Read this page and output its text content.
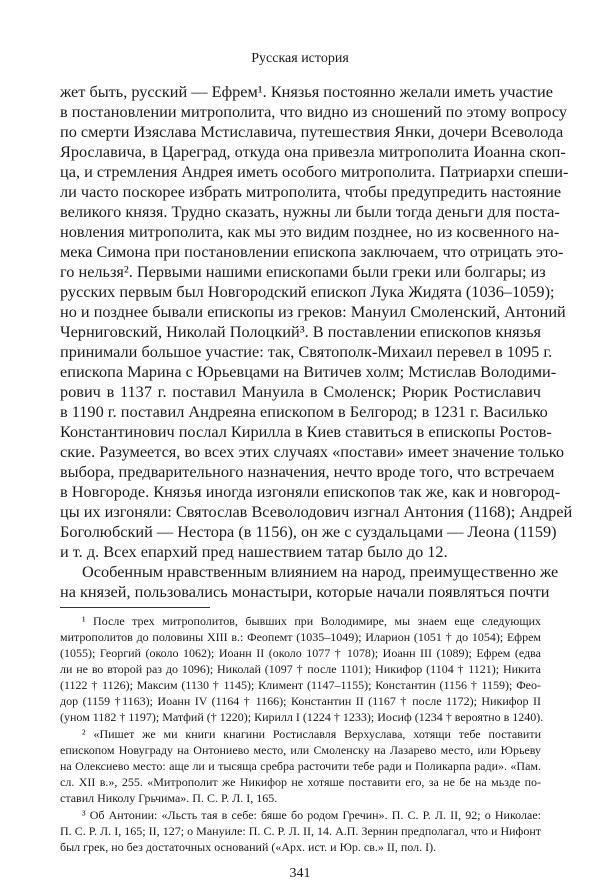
Русская история
жет быть, русский — Ефрем¹. Князья постоянно желали иметь участие
в постановлении митрополита, что видно из сношений по этому вопросу
по смерти Изяслава Мстиславича, путешествия Янки, дочери Всеволода
Ярославича, в Цареград, откуда она привезла митрополита Иоанна скоп-
ца, и стремления Андрея иметь особого митрополита. Патриархи спеши-
ли часто поскорее избрать митрополита, чтобы предупредить настояние
великого князя. Трудно сказать, нужны ли были тогда деньги для поста-
новления митрополита, как мы это видим позднее, но из косвенного на-
мека Симона при постановлении епископа заключаем, что отрицать это-
го нельзя². Первыми нашими епископами были греки или болгары; из
русских первым был Новгородский епископ Лука Жидята (1036–1059);
но и позднее бывали епископы из греков: Мануил Смоленский, Антоний
Черниговский, Николай Полоцкий³. В поставлении епископов князья
принимали большое участие: так, Святополк-Михаил перевел в 1095 г.
епископа Марина с Юрьевцами на Витичев холм; Мстислав Володими-
рович в 1137 г. поставил Мануила в Смоленск; Рюрик Ростиславич
в 1190 г. поставил Андреяна епископом в Белгород; в 1231 г. Василько
Константинович послал Кирилла в Киев ставиться в епископы Ростов-
ские. Разумеется, во всех этих случаях «постави» имеет значение только
выбора, предварительного назначения, нечто вроде того, что встречаем
в Новгороде. Князья иногда изгоняли епископов так же, как и новгород-
цы их изгоняли: Святослав Всеволодович изгнал Антония (1168); Андрей
Боголюбский — Нестора (в 1156), он же с суздальцами — Леона (1159)
и т. д. Всех епархий пред нашествием татар было до 12.
Особенным нравственным влиянием на народ, преимущественно же
на князей, пользовались монастыри, которые начали появляться почти
¹ После трех митрополитов, бывших при Володимире, мы знаем еще следующих
митрополитов до половины XIII в.: Феопемт (1035–1049); Иларион (1051 † до 1054); Ефрем
(1055); Георгий (около 1062); Иоанн II (около 1077 † 1078); Иоанн III (1089); Ефрем (едва
ли не во второй раз до 1096); Николай (1097 † после 1101); Никифор (1104 † 1121); Никита
(1122 † 1126); Максим (1130 † 1145); Климент (1147–1155); Константин (1156 † 1159); Фео-
дор (1159 †1163); Иоанн IV (1164 † 1166); Константин II (1167 † после 1172); Никифор II
(уном 1182 † 1197); Матфий († 1220); Кирилл I (1224 † 1233); Иосиф (1234 † вероятно в 1240).
² «Пишет же ми книги кнагини Ростиславля Верхуслава, хотящи тебе поставити
епископом Новуграду на Онтониево место, или Смоленску на Лазарево место, или Юрьеву
на Олексиево место: аще ли и тысяща сребра расточити тебе ради и Поликарпа ради». «Пам.
сл. XII в.», 255. «Митрополит же Никифор не хотяше поставити его, за не бе на мьзде по-
ставил Николу Грьчима». П. С. Р. Л. I, 165.
³ Об Антонии: «Льсть тая в себе: бяше бо родом Гречин». П. С. Р. Л. II, 92; о Николае:
П. С. Р. Л. I, 165; II, 127; о Мануиле: П. С. Р. Л. II, 14. А.П. Зернин предполагал, что и Нифонт
был грек, но без достаточных оснований («Арх. ист. и Юр. св.» II, пол. I).
341
